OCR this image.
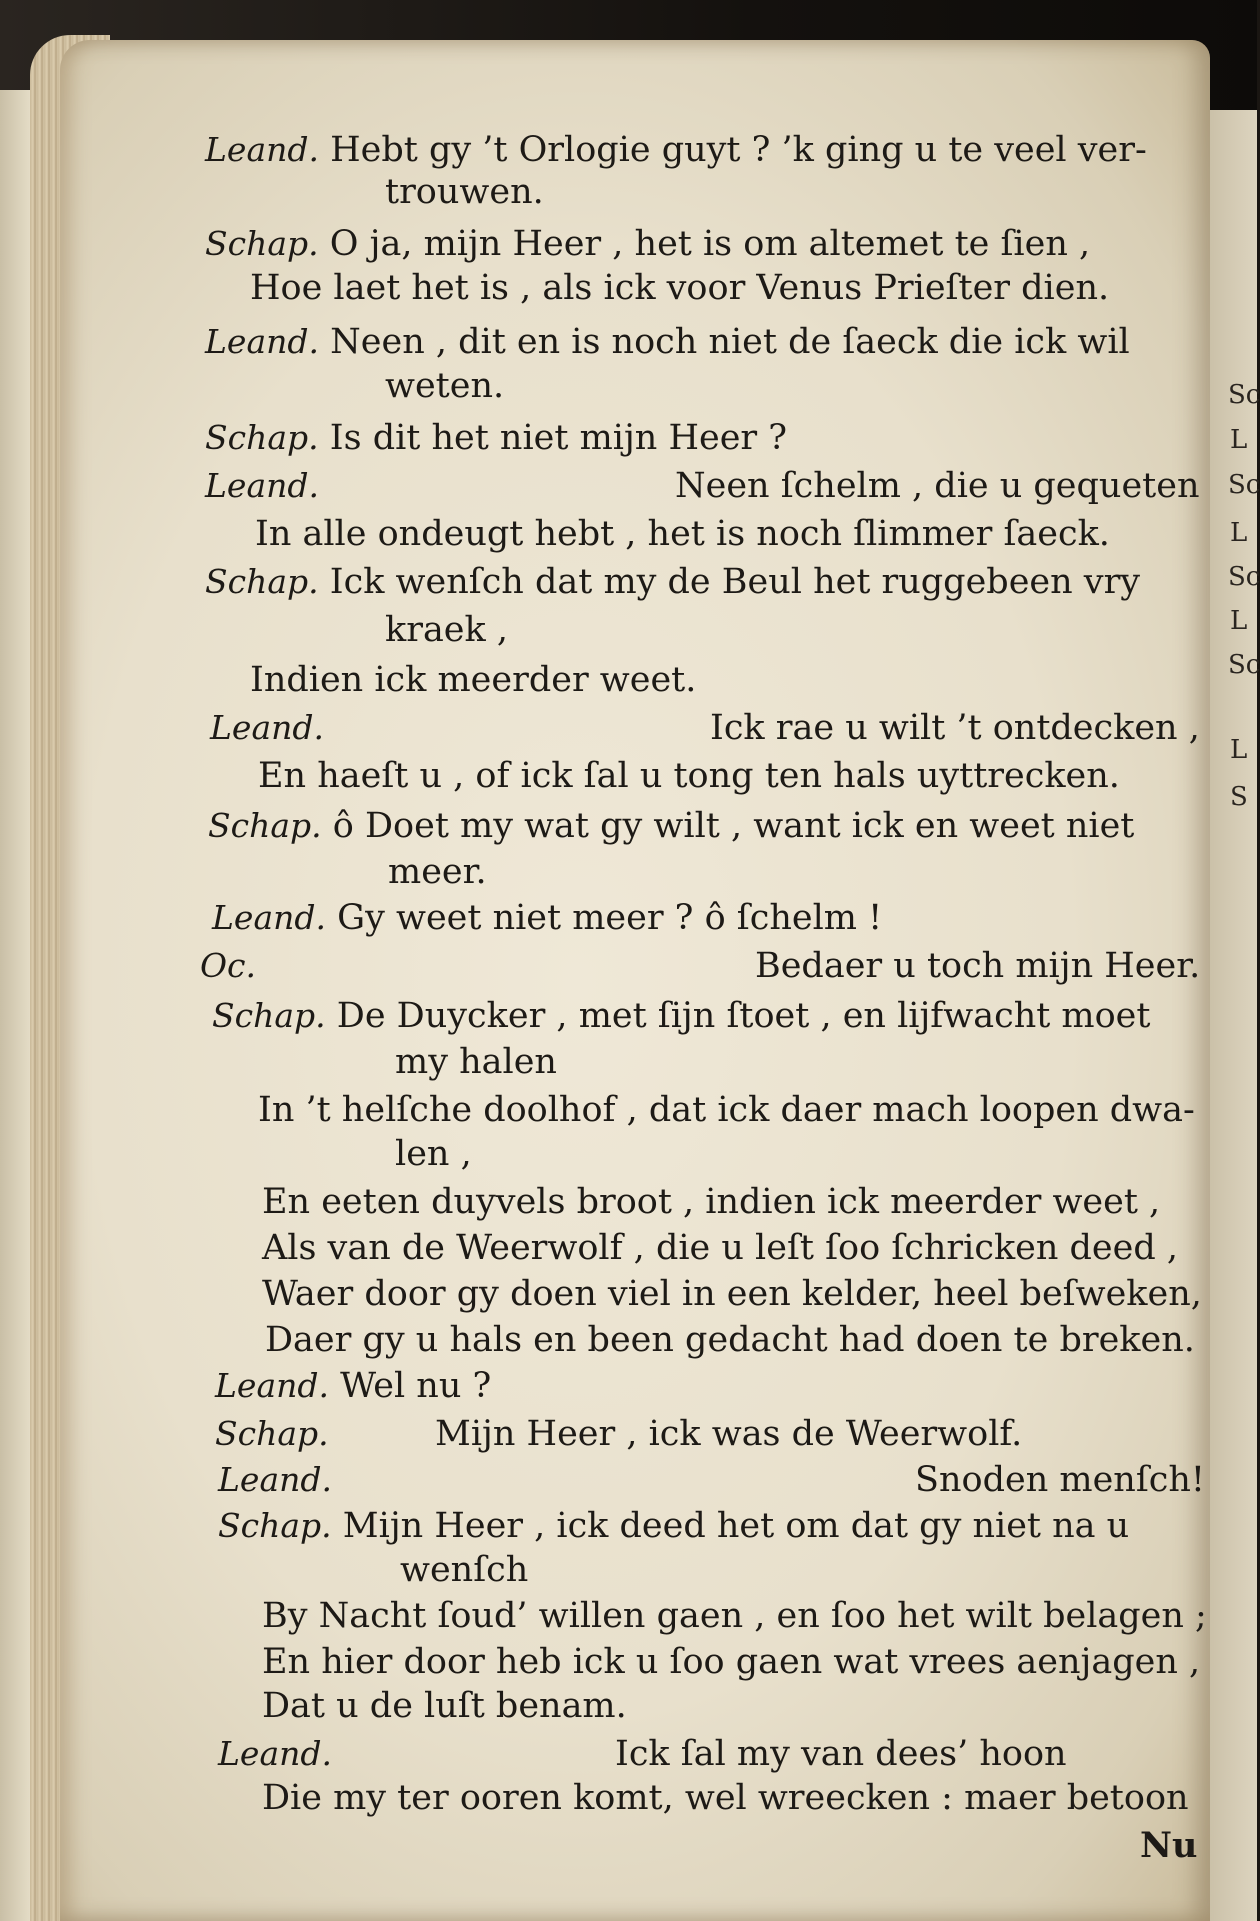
Leand. Hebt gy ’t Orlogie guyt ? ’k ging u te veel ver-
trouwen.
Schap. O ja, mijn Heer , het is om altemet te ſien ,
Hoe laet het is , als ick voor Venus Prieſter dien.
Leand. Neen , dit en is noch niet de ſaeck die ick wil
weten.
Schap. Is dit het niet mijn Heer ?
Leand.	Neen ſchelm , die u gequeten
In alle ondeugt hebt , het is noch ſlimmer ſaeck.
Schap. Ick wenſch dat my de Beul het ruggebeen vry
kraek ,
Indien ick meerder weet.
Leand.	Ick rae u wilt ’t ontdecken ,
En haeſt u , of ick ſal u tong ten hals uyttrecken.
Schap. ô Doet my wat gy wilt , want ick en weet niet
meer.
Leand. Gy weet niet meer ? ô ſchelm !
Oc.	Bedaer u toch mijn Heer.
Schap. De Duycker , met ſijn ſtoet , en lijfwacht moet
my halen
In ’t helſche doolhof , dat ick daer mach loopen dwa-
len ,
En eeten duyvels broot , indien ick meerder weet ,
Als van de Weerwolf , die u leſt ſoo ſchricken deed ,
Waer door gy doen viel in een kelder, heel beſweken,
Daer gy u hals en been gedacht had doen te breken.
Leand. Wel nu ?
Schap.	Mijn Heer , ick was de Weerwolf.
Leand.	Snoden menſch!
Schap. Mijn Heer , ick deed het om dat gy niet na u
wenſch
By Nacht ſoud’ willen gaen , en ſoo het wilt belagen ;
En hier door heb ick u ſoo gaen wat vrees aenjagen ,
Dat u de luſt benam.
Leand.	Ick ſal my van dees’ hoon
Die my ter ooren komt, wel wreecken : maer betoon
Nu
Sc
L
Sc
L
Sc
L
Sc
L
S
